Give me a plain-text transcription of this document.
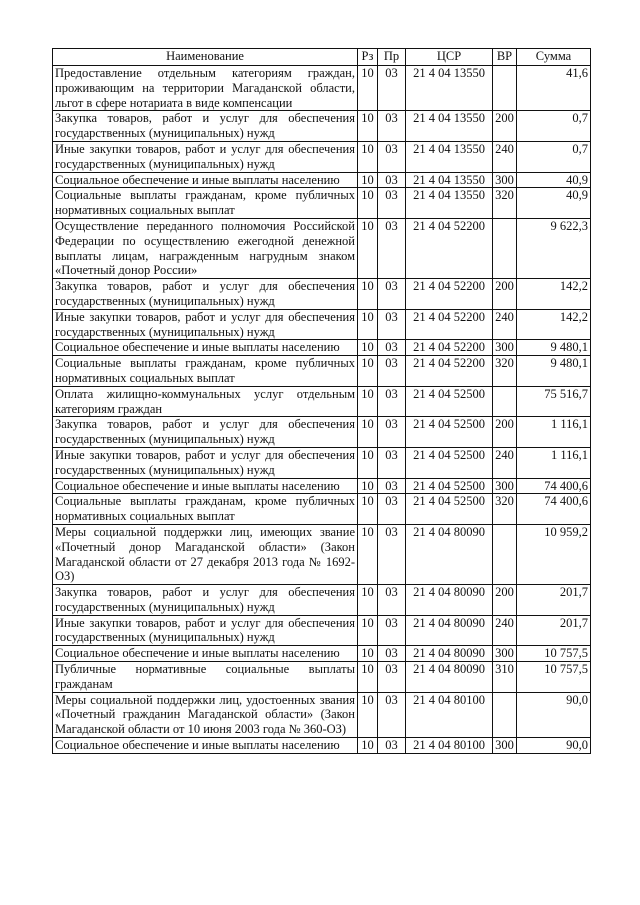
Наименование	Рз	Пр	ЦСР	ВР	Сумма
Предоставление отдельным категориям граждан, проживающим на территории Магаданской области, льгот в сфере нотариата в виде компенсации	10	03	21 4 04 13550		41,6
Закупка товаров, работ и услуг для обеспечения государственных (муниципальных) нужд	10	03	21 4 04 13550	200	0,7
Иные закупки товаров, работ и услуг для обеспечения государственных (муниципальных) нужд	10	03	21 4 04 13550	240	0,7
Социальное обеспечение и иные выплаты населению	10	03	21 4 04 13550	300	40,9
Социальные выплаты гражданам, кроме публичных нормативных социальных выплат	10	03	21 4 04 13550	320	40,9
Осуществление переданного полномочия Российской Федерации по осуществлению ежегодной денежной выплаты лицам, награжденным нагрудным знаком «Почетный донор России»	10	03	21 4 04 52200		9 622,3
Закупка товаров, работ и услуг для обеспечения государственных (муниципальных) нужд	10	03	21 4 04 52200	200	142,2
Иные закупки товаров, работ и услуг для обеспечения государственных (муниципальных) нужд	10	03	21 4 04 52200	240	142,2
Социальное обеспечение и иные выплаты населению	10	03	21 4 04 52200	300	9 480,1
Социальные выплаты гражданам, кроме публичных нормативных социальных выплат	10	03	21 4 04 52200	320	9 480,1
Оплата жилищно-коммунальных услуг отдельным категориям граждан	10	03	21 4 04 52500		75 516,7
Закупка товаров, работ и услуг для обеспечения государственных (муниципальных) нужд	10	03	21 4 04 52500	200	1 116,1
Иные закупки товаров, работ и услуг для обеспечения государственных (муниципальных) нужд	10	03	21 4 04 52500	240	1 116,1
Социальное обеспечение и иные выплаты населению	10	03	21 4 04 52500	300	74 400,6
Социальные выплаты гражданам, кроме публичных нормативных социальных выплат	10	03	21 4 04 52500	320	74 400,6
Меры социальной поддержки лиц, имеющих звание «Почетный донор Магаданской области» (Закон Магаданской области от 27 декабря 2013 года № 1692-ОЗ)	10	03	21 4 04 80090		10 959,2
Закупка товаров, работ и услуг для обеспечения государственных (муниципальных) нужд	10	03	21 4 04 80090	200	201,7
Иные закупки товаров, работ и услуг для обеспечения государственных (муниципальных) нужд	10	03	21 4 04 80090	240	201,7
Социальное обеспечение и иные выплаты населению	10	03	21 4 04 80090	300	10 757,5
Публичные нормативные социальные выплаты гражданам	10	03	21 4 04 80090	310	10 757,5
Меры социальной поддержки лиц, удостоенных звания «Почетный гражданин Магаданской области» (Закон Магаданской области от 10 июня 2003 года № 360-ОЗ)	10	03	21 4 04 80100		90,0
Социальное обеспечение и иные выплаты населению	10	03	21 4 04 80100	300	90,0
